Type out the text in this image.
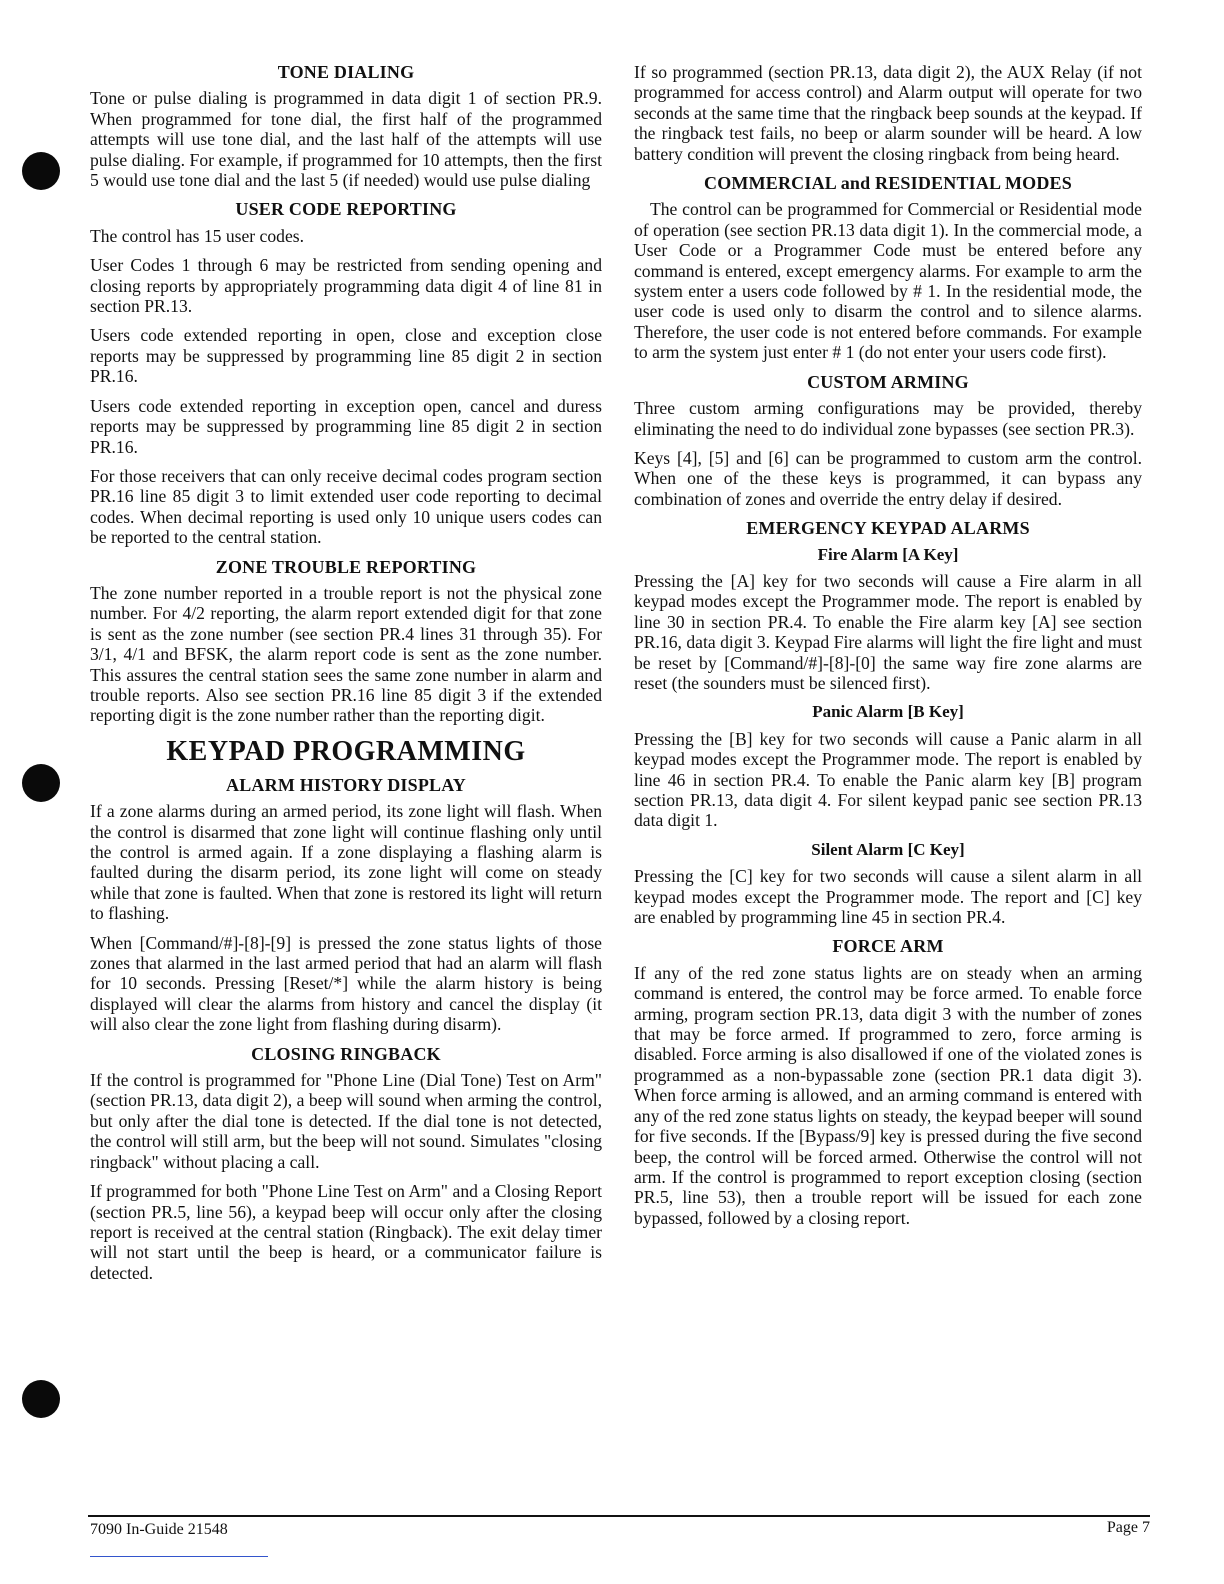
TONE DIALING

Tone or pulse dialing is programmed in data digit 1 of section PR.9. When programmed for tone dial, the first half of the programmed attempts will use tone dial, and the last half of the attempts will use pulse dialing. For example, if programmed for 10 attempts, then the first 5 would use tone dial and the last 5 (if needed) would use pulse dialing

USER CODE REPORTING

The control has 15 user codes.

User Codes 1 through 6 may be restricted from sending opening and closing reports by appropriately programming data digit 4 of line 81 in section PR.13.

Users code extended reporting in open, close and exception close reports may be suppressed by programming line 85 digit 2 in section PR.16.

Users code extended reporting in exception open, cancel and duress reports may be suppressed by programming line 85 digit 2 in section PR.16.

For those receivers that can only receive decimal codes program section PR.16 line 85 digit 3 to limit extended user code reporting to decimal codes. When decimal reporting is used only 10 unique users codes can be reported to the central station.

ZONE TROUBLE REPORTING

The zone number reported in a trouble report is not the physical zone number. For 4/2 reporting, the alarm report extended digit for that zone is sent as the zone number (see section PR.4 lines 31 through 35). For 3/1, 4/1 and BFSK, the alarm report code is sent as the zone number. This assures the central station sees the same zone number in alarm and trouble reports. Also see section PR.16 line 85 digit 3 if the extended reporting digit is the zone number rather than the reporting digit.

KEYPAD PROGRAMMING
ALARM HISTORY DISPLAY

If a zone alarms during an armed period, its zone light will flash. When the control is disarmed that zone light will continue flashing only until the control is armed again. If a zone displaying a flashing alarm is faulted during the disarm period, its zone light will come on steady while that zone is faulted. When that zone is restored its light will return to flashing.

When [Command/#]-[8]-[9] is pressed the zone status lights of those zones that alarmed in the last armed period that had an alarm will flash for 10 seconds. Pressing [Reset/*] while the alarm history is being displayed will clear the alarms from history and cancel the display (it will also clear the zone light from flashing during disarm).

CLOSING RINGBACK

If the control is programmed for "Phone Line (Dial Tone) Test on Arm" (section PR.13, data digit 2), a beep will sound when arming the control, but only after the dial tone is detected. If the dial tone is not detected, the control will still arm, but the beep will not sound. Simulates "closing ringback" without placing a call.

If programmed for both "Phone Line Test on Arm" and a Closing Report (section PR.5, line 56), a keypad beep will occur only after the closing report is received at the central station (Ringback). The exit delay timer will not start until the beep is heard, or a communicator failure is detected.

If so programmed (section PR.13, data digit 2), the AUX Relay (if not programmed for access control) and Alarm output will operate for two seconds at the same time that the ringback beep sounds at the keypad. If the ringback test fails, no beep or alarm sounder will be heard. A low battery condition will prevent the closing ringback from being heard.

COMMERCIAL and RESIDENTIAL MODES

The control can be programmed for Commercial or Residential mode of operation (see section PR.13 data digit 1). In the commercial mode, a User Code or a Programmer Code must be entered before any command is entered, except emergency alarms. For example to arm the system enter a users code followed by # 1. In the residential mode, the user code is used only to disarm the control and to silence alarms. Therefore, the user code is not entered before commands. For example to arm the system just enter # 1 (do not enter your users code first).

CUSTOM ARMING

Three custom arming configurations may be provided, thereby eliminating the need to do individual zone bypasses (see section PR.3).

Keys [4], [5] and [6] can be programmed to custom arm the control. When one of the these keys is programmed, it can bypass any combination of zones and override the entry delay if desired.

EMERGENCY KEYPAD ALARMS
Fire Alarm [A Key]

Pressing the [A] key for two seconds will cause a Fire alarm in all keypad modes except the Programmer mode. The report is enabled by line 30 in section PR.4. To enable the Fire alarm key [A] see section PR.16, data digit 3. Keypad Fire alarms will light the fire light and must be reset by [Command/#]-[8]-[0] the same way fire zone alarms are reset (the sounders must be silenced first).

Panic Alarm [B Key]

Pressing the [B] key for two seconds will cause a Panic alarm in all keypad modes except the Programmer mode. The report is enabled by line 46 in section PR.4. To enable the Panic alarm key [B] program section PR.13, data digit 4. For silent keypad panic see section PR.13 data digit 1.

Silent Alarm [C Key]

Pressing the [C] key for two seconds will cause a silent alarm in all keypad modes except the Programmer mode. The report and [C] key are enabled by programming line 45 in section PR.4.

FORCE ARM

If any of the red zone status lights are on steady when an arming command is entered, the control may be force armed. To enable force arming, program section PR.13, data digit 3 with the number of zones that may be force armed. If programmed to zero, force arming is disabled. Force arming is also disallowed if one of the violated zones is programmed as a non-bypassable zone (section PR.1 data digit 3). When force arming is allowed, and an arming command is entered with any of the red zone status lights on steady, the keypad beeper will sound for five seconds. If the [Bypass/9] key is pressed during the five second beep, the control will be forced armed. Otherwise the control will not arm. If the control is programmed to report exception closing (section PR.5, line 53), then a trouble report will be issued for each zone bypassed, followed by a closing report.

7090 In-Guide 21548	Page 7
